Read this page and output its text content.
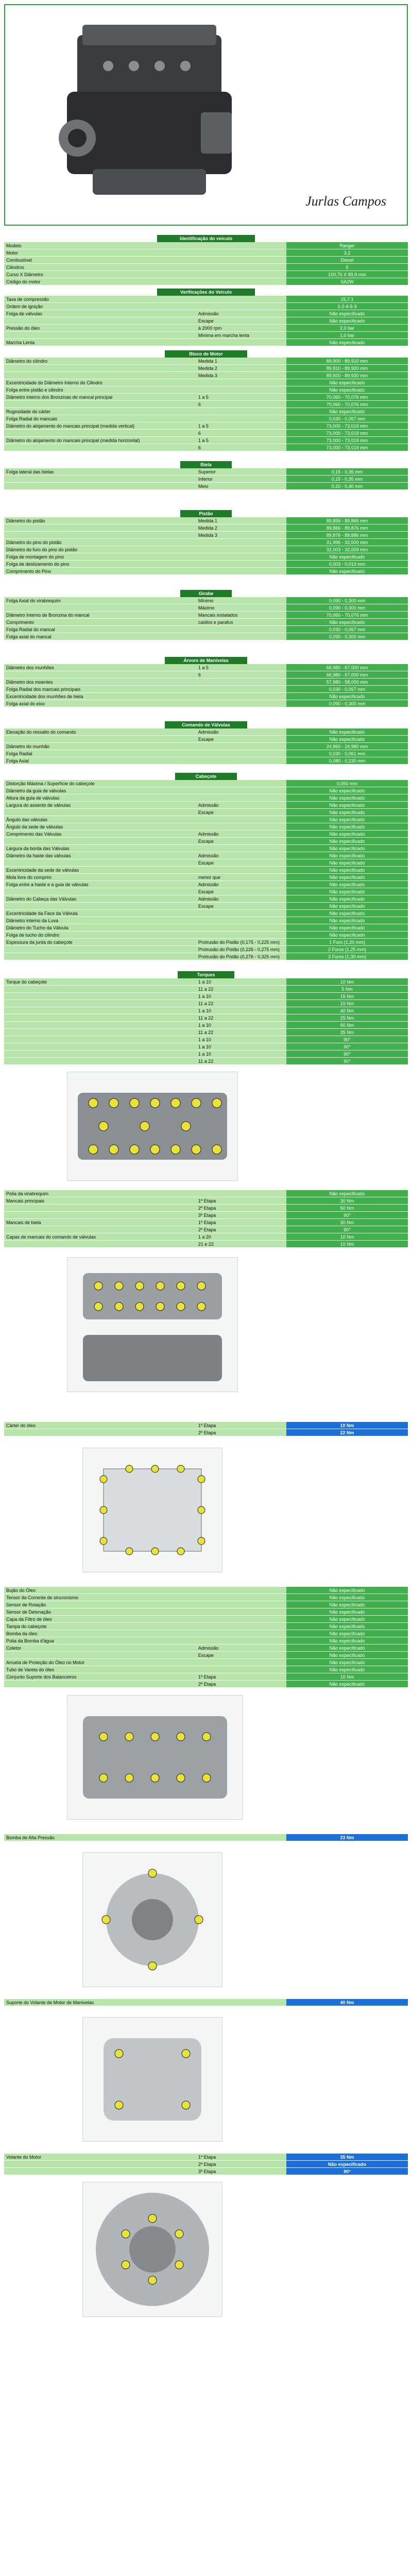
Jurlas Campos
Identificação do veículo
Modelo		Ranger
Motor		3.2
Combustível		Diesel
Cilindros		5
Curso X Diâmetro		100,76 X 89,9 mm
Código do motor		SA2W
Verificações do Veículo
Taxa de compressão		15,7:1
Ordem de ignição		1-2-4-5-3
Folga de válvulas	Admissão	Não especificado
	Escape	Não especificado
Pressão do óleo	à 2000 rpm	2,0 bar
	Mínima em marcha lenta	1,0 bar
Marcha Lenta		Não especificado
Bloco de Motor
Diâmetro do cilindro	Medida 1	89,900 - 89,910 mm
	Medida 2	89,910 - 89,920 mm
	Medida 3	89,920 - 89,930 mm
Excentricidade do Diâmetro Interno do Cilindro		Não especificado
Folga entre pistão e cilindro		Não especificado
Diâmetro interno dos Bronzinas de mancal principal	1 a 5	70,060 - 70,076 mm
	6	70,060 - 70,076 mm
Rugosidade do cárter		Não especificado
Folga Radial do mancais		0,030 - 0,067 mm
Diâmetro do alojamento do mancais principal (medida vertical)	1 a 5	73,000 - 73,019 mm
	6	73,000 - 73,019 mm
Diâmetro do alojamento do mancais principal (medida horizontal)	1 a 5	73,000 - 73,019 mm
	6	73,000 - 73,019 mm
Biela
Folga lateral das bielas	Superior	0,15 - 0,35 mm
	Inferior	0,15 - 0,35 mm
	Meio	0,20 - 0,40 mm
Pistão
Diâmetro do pistão	Medida 1	89,856 - 89,866 mm
	Medida 2	89,866 - 89,876 mm
	Medida 3	89,876 - 89,886 mm
Diâmetro do pino do pistão		31,996 - 32,000 mm
Diâmetro do furo do pino do pistão		32,003 - 32,009 mm
Folga de montagem do pino		Não especificado
Folga de deslizamento do pino		0,003 - 0,013 mm
Comprimento do Pino		Não especificado
Girabe
Folga Axial do virabrequim	Mínimo	0,090 - 0,300 mm
	Máximo	0,090 - 0,300 mm
Diâmetro Interno de Bronzina do mancal	Mancais instalados	70,060 - 70,076 mm
Comprimento	casilos e parafus	Não especificado
Folga Radial do mancal		0,030 - 0,067 mm
Folga axial do mancal		0,090 - 0,300 mm
Árvore de Manivelas
Diâmetro dos munhões	1 a 5	66,980 - 67,000 mm
	6	66,980 - 67,000 mm
Diâmetro dos moentes		57,980 - 58,000 mm
Folga Radial dos mancais principais		0,030 - 0,067 mm
Excentricidade dos munhões de biela		Não especificado
Folga axial do eixo		0,090 - 0,300 mm
Comando de Válvulas
Elevação do ressalto do comando	Admissão	Não especificado
	Escape	Não especificado
Diâmetro do munhão		24,960 - 24,980 mm
Folga Radial		0,030 - 0,061 mm
Folga Axial		0,080 - 0,230 mm
Cabeçote
Distorção Máxima / Superfície do cabeçote		0,050 mm
Diâmetro da guia de válvulas		Não especificado
Altura da guia de válvulas		Não especificado
Largura do assento de válvulas	Admissão	Não especificado
	Escape	Não especificado
Ângulo das válvulas		Não especificado
Ângulo da sede de válvulas		Não especificado
Comprimento das Válvulas	Admissão	Não especificado
	Escape	Não especificado
Largura da borda das Válvulas		Não especificado
Diâmetro da haste das válvulas	Admissão	Não especificado
	Escape	Não especificado
Excentricidade da sede de válvulas		Não especificado
Mola livre do comprim	menor que	Não especificado
Folga entre a haste e a guia de válvulas	Admissão	Não especificado
	Escape	Não especificado
Diâmetro do Cabeça das Válvulas	Admissão	Não especificado
	Escape	Não especificado
Excentricidade da Face da Válvula		Não especificado
Diâmetro interno da Luva		Não especificado
Diâmetro do Tucho da Válvula		Não especificado
Folga de tucho do cilindro		Não especificado
Espessura da junta do cabeçote	Protrusão do Pistão (0,175 - 0,225 mm)	1 Furo (1,20 mm)
	Protrusão do Pistão (0,226 - 0,275 mm)	2 Furos (1,25 mm)
	Protrusão do Pistão (0,276 - 0,325 mm)	3 Furos (1,30 mm)
Torques
Torque do cabeçote	1 a 10	10 Nm
	11 a 22	5 Nm
	1 a 10	15 Nm
	11 a 22	10 Nm
	1 a 10	40 Nm
	11 a 22	25 Nm
	1 a 10	60 Nm
	11 a 22	25 Nm
	1 a 10	90°
	1 a 10	90°
	1 a 10	90°
	11 a 22	90°
Polia da virabrequim		Não especificado
Mancais principais	1º Etapa	30 Nm
	2º Etapa	50 Nm
	3º Etapa	90°
Mancais de biela	1º Etapa	30 Nm
	2º Etapa	90°
Capas de mancais do comando de válvulas	1 a 20	10 Nm
	21 e 22	10 Nm
Cárter do óleo	1º Etapa	10 Nm
	2º Etapa	22 Nm
Bujão do Óleo		Não especificado
Tensor da Corrente de sincronismo		Não especificado
Sensor de Rotação		Não especificado
Sensor de Detonação		Não especificado
Capa da Filtro de óleo		Não especificado
Tampa do cabeçote		Não especificado
Bomba da óleo		Não especificado
Polia da Bomba d'água		Não especificado
Coletor	Admissão	Não especificado
	Escape	Não especificado
Arruela de Proteção do Óleo no Motor		Não especificado
Tubo de Vareta do óleo		Não especificado
Conjunto Suporte dos Balanceiros	1º Etapa	10 Nm
	2º Etapa	Não especificado
Bomba de Alta Pressão		23 Nm
Suporte do Volante de Motor de Manivelas		40 Nm
Volante do Motor	1º Etapa	35 Nm
	2º Etapa	Não especificado
	3º Etapa	90°
